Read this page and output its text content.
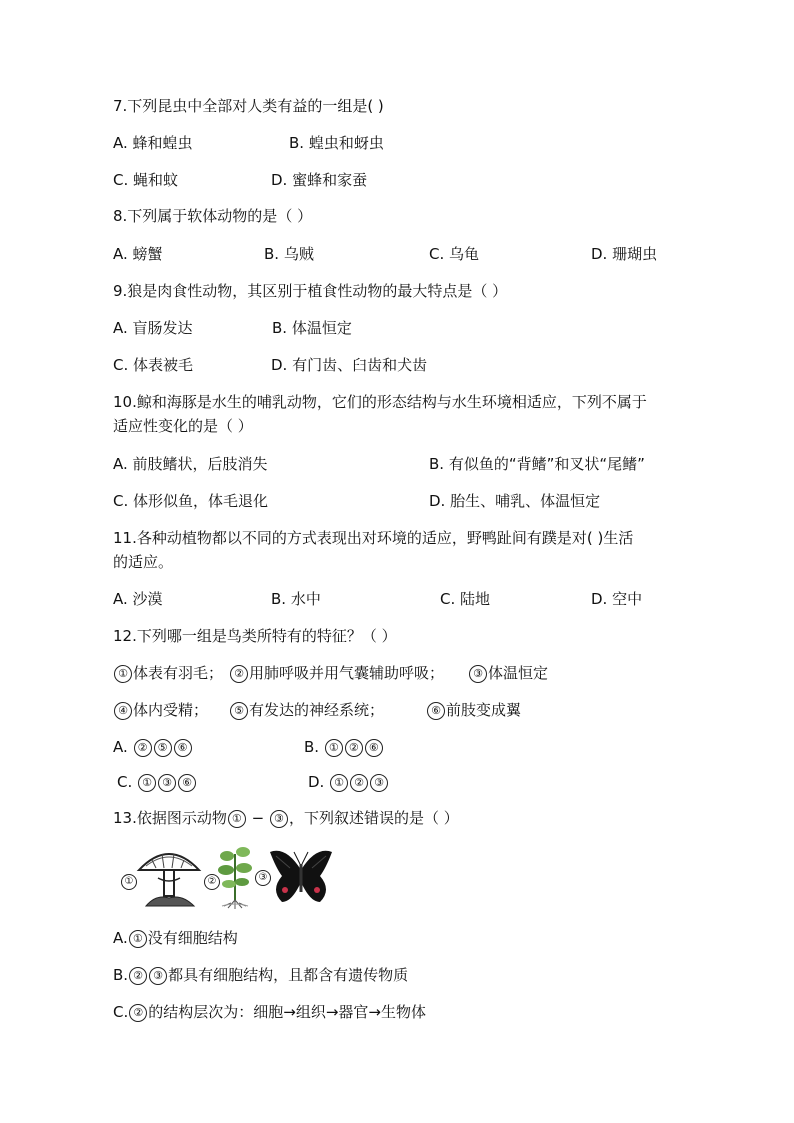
7.下列昆虫中全部对人类有益的一组是( )
A. 蜂和蝗虫	B. 蝗虫和蚜虫
C. 蝇和蚊	D. 蜜蜂和家蚕
8.下列属于软体动物的是（ ）
A. 螃蟹	B. 乌贼	C. 乌龟	D. 珊瑚虫
9.狼是肉食性动物，其区别于植食性动物的最大特点是（ ）
A. 盲肠发达	B. 体温恒定
C. 体表被毛	D. 有门齿、臼齿和犬齿
10.鲸和海豚是水生的哺乳动物，它们的形态结构与水生环境相适应，下列不属于
适应性变化的是（ ）
A. 前肢鳍状，后肢消失	B. 有似鱼的“背鳍”和叉状“尾鳍”
C. 体形似鱼，体毛退化	D. 胎生、哺乳、体温恒定
11.各种动植物都以不同的方式表现出对环境的适应，野鸭趾间有蹼是对( )生活
的适应。
A. 沙漠	B. 水中	C. 陆地	D. 空中
12.下列哪一组是鸟类所特有的特征？（ ）
① 体表有羽毛；	② 用肺呼吸并用气囊辅助呼吸；	③ 体温恒定
④ 体内受精；	⑤ 有发达的神经系统；	⑥ 前肢变成翼
A. ② ⑤ ⑥	B. ① ② ⑥
C. ① ③ ⑥	D. ① ② ③
13.依据图示动物 ① − ③ ，下列叙述错误的是（ ）
①	②	③
A. ① 没有细胞结构
B. ② ③ 都具有细胞结构，且都含有遗传物质
C. ② 的结构层次为：细胞→组织→器官→生物体
